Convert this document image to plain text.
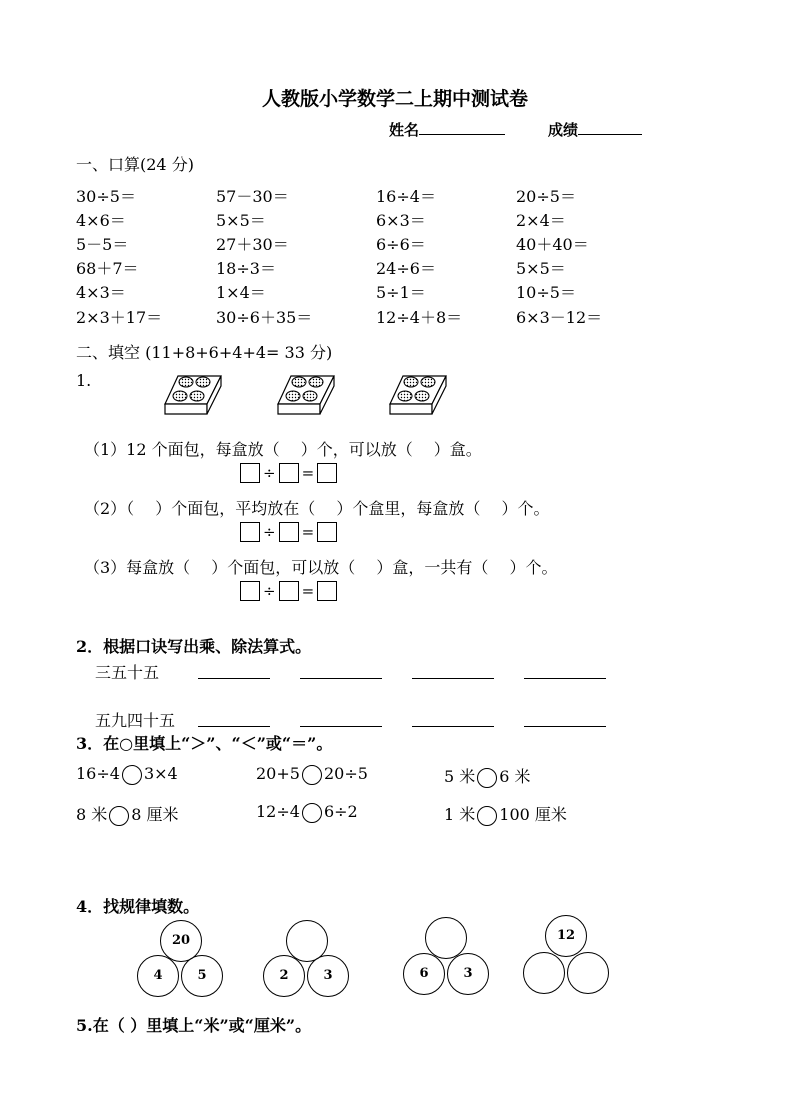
人教版小学数学二上期中测试卷
姓名	成绩
一、口算(24 分)
30÷5＝	57－30＝	16÷4＝	20÷5＝
4×6＝	5×5＝	6×3＝	2×4＝
5－5＝	27＋30＝	6÷6＝	40＋40＝
68＋7＝	18÷3＝	24÷6＝	5×5＝
4×3＝	1×4＝	5÷1＝	10÷5＝
2×3＋17＝	30÷6＋35＝	12÷4＋8＝	6×3－12＝
二、填空 (11+8+6+4+4= 33 分)
1.
（1）12 个面包，每盒放（　 ）个，可以放（　 ）盒。
÷ =
（2）（　 ）个面包，平均放在（　 ）个盒里，每盒放（　 ）个。
÷ =
（3）每盒放（　 ）个面包，可以放（　 ）盒，一共有（　 ）个。
÷ =
2．根据口诀写出乘、除法算式。
三五十五
五九四十五
3．在○里填上“＞”、“＜”或“＝”。
16÷4 3×4	20+5 20÷5	5 米 6 米
8 米 8 厘米	12÷4 6÷2	1 米 100 厘米
4．找规律填数。
20
4	5	2	3	6	3
12
5.在（ ）里填上“米”或“厘米”。
